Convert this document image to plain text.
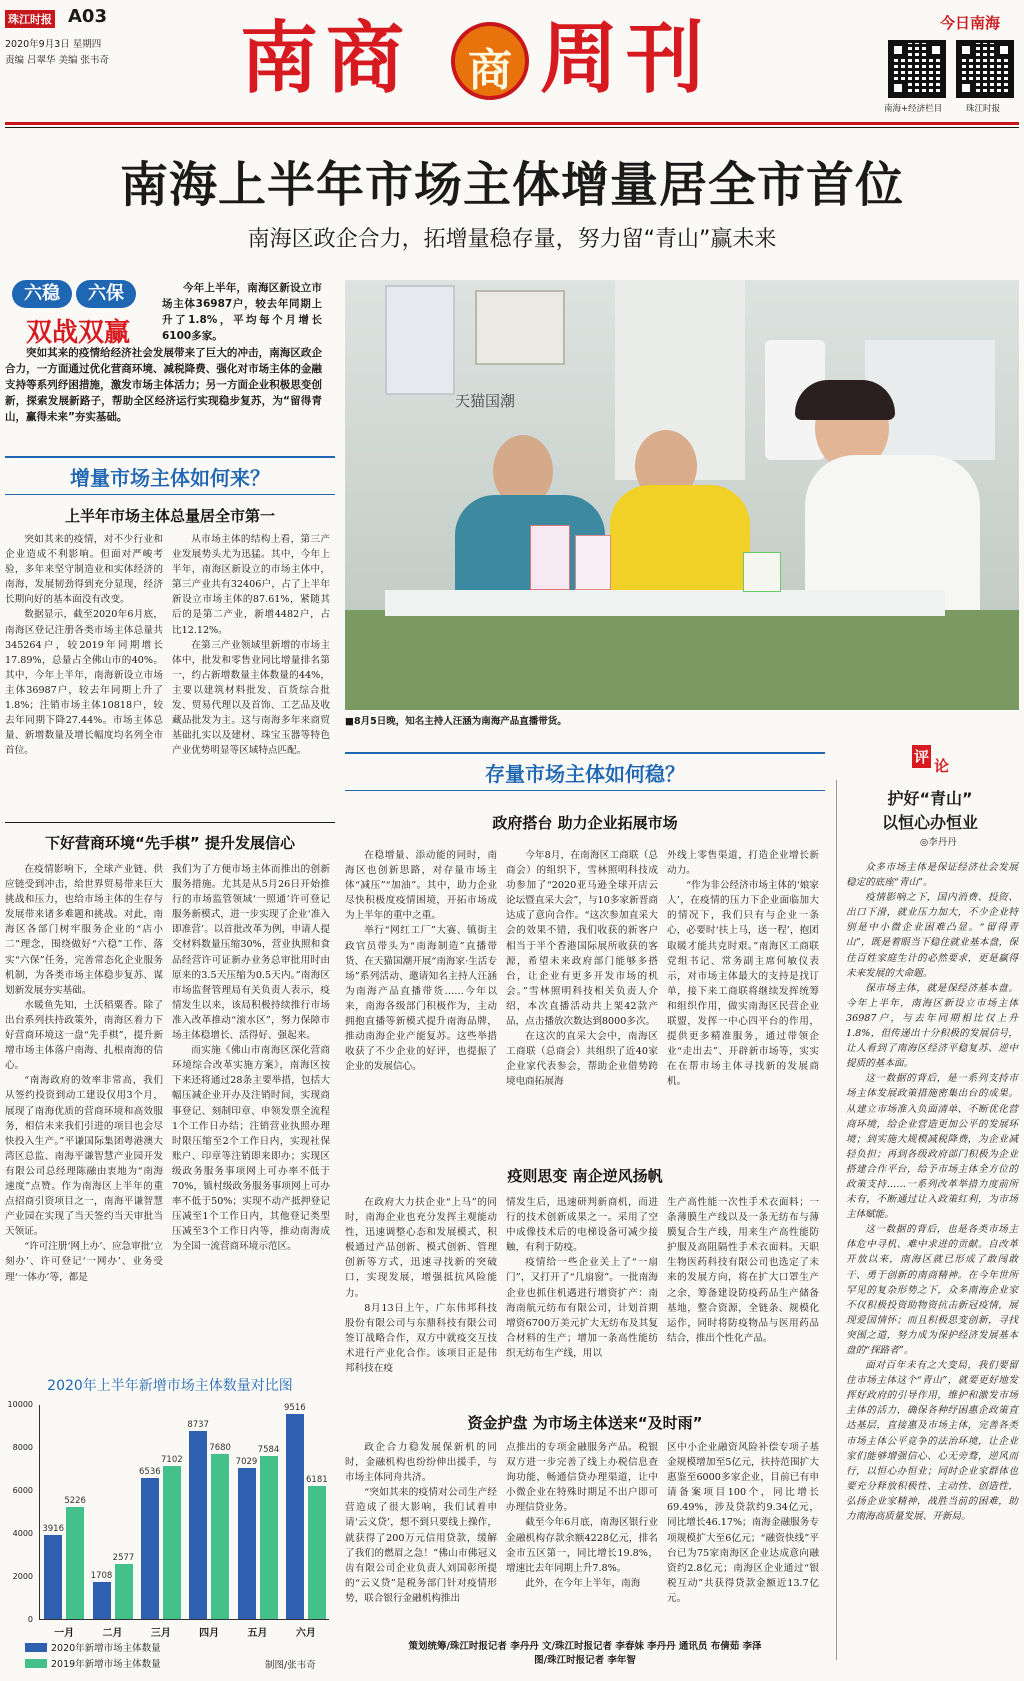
珠江时报 A03
2020年9月3日 星期四
责编 吕翠华 美编 张韦奇 南商 商 周刊	今日南海
南海+经济栏目	珠江时报
南海上半年市场主体增量居全市首位
南海区政企合力，拓增量稳存量，努力留“青山”赢未来
六稳	六保
双战双赢
今年上半年，南海区新设立市场主体36987户，较去年同期上升了1.8%，平均每个月增长6100多家。
突如其来的疫情给经济社会发展带来了巨大的冲击，南海区政企合力，一方面通过优化营商环境、减税降费、强化对市场主体的金融支持等系列纾困措施，激发市场主体活力；另一方面企业积极思变创新，探索发展新路子，帮助全区经济运行实现稳步复苏，为“留得青山，赢得未来”夯实基础。
天猫国潮
■8月5日晚，知名主持人汪涵为南海产品直播带货。
增量市场主体如何来？
上半年市场主体总量居全市第一

突如其来的疫情，对不少行业和企业造成不利影响。但面对严峻考验，多年来坚守制造业和实体经济的南海，发展韧劲得到充分显现，经济长期向好的基本面没有改变。

数据显示，截至2020年6月底，南海区登记注册各类市场主体总量共345264户，较2019年同期增长17.89%，总量占全佛山市的40%。其中，今年上半年，南海新设立市场主体36987户，较去年同期上升了1.8%；注销市场主体10818户，较去年同期下降27.44%。市场主体总量、新增数量及增长幅度均名列全市首位。

从市场主体的结构上看，第三产业发展势头尤为迅猛。其中，今年上半年，南海区新设立的市场主体中，第三产业共有32406户，占了上半年新设立市场主体的87.61%，紧随其后的是第二产业，新增4482户，占比12.12%。

在第三产业领域里新增的市场主体中，批发和零售业同比增量排名第一，约占新增数量主体数量的44%，主要以建筑材料批发、百货综合批发、贸易代理以及首饰、工艺品及收藏品批发为主。这与南海多年来商贸基础扎实以及建材、珠宝玉器等特色产业优势明显等区域特点匹配。

下好营商环境“先手棋” 提升发展信心

在疫情影响下，全球产业链、供应链受到冲击，给世界贸易带来巨大挑战和压力，也给市场主体的生存与发展带来诸多难题和挑战。对此，南海区各部门树牢服务企业的“店小二”理念，围绕做好“六稳”工作、落实“六保”任务，完善常态化企业服务机制，为各类市场主体稳步复苏、谋划新发展夯实基础。

水暖鱼先知，土沃稻粟香。除了出台系列扶持政策外，南海区着力下好营商环境这一盘“先手棋”，提升新增市场主体落户南海、扎根南海的信心。

“南海政府的效率非常高，我们从签约投资到动工建设仅用3个月，展现了南海优质的营商环境和高效服务，相信未来我们引进的项目也会尽快投入生产。”平谦国际集团粤港澳大湾区总监、南海平谦智慧产业园开发有限公司总经理陈融由衷地为“南海速度”点赞。作为南海区上半年的重点招商引资项目之一，南海平谦智慧产业园在实现了当天签约当天审批当天领证。

“许可注册‘网上办’、应急审批‘立刻办’、许可登记‘一网办’、业务受理‘一体办’等，都是

我们为了方便市场主体而推出的创新服务措施。尤其是从5月26日开始推行的市场监管领域‘一照通’许可登记服务新模式，进一步实现了企业‘准入即准营’。以首批改革为例，申请人提交材料数量压缩30%，营业执照和食品经营许可证新办业务总审批用时由原来的3.5天压缩为0.5天内。”南海区市场监督管理局有关负责人表示，疫情发生以来，该局积极持续推行市场准入改革推动“滚水区”，努力保障市场主体稳增长、活得好、强起来。

而实施《佛山市南海区深化营商环境综合改革实施方案》，南海区按下来还将通过28条主要举措，包括大幅压减企业开办及注销时间，实现商事登记、刻制印章、申领发票全流程1个工作日办结；注销营业执照办理时限压缩至2个工作日内，实现社保账户、印章等注销即来即办；实现区级政务服务事项网上可办率不低于70%，镇村级政务服务事项网上可办率不低于50%；实现不动产抵押登记压减至1个工作日内，其他登记类型压减至3个工作日内等，推动南海成为全国一流营商环境示范区。

2020年上半年新增市场主体数量对比图
10000
8000
6000
4000
2000
0
3916
5226
一月
1708
2577
二月
6536
7102
三月
8737
7680
四月
7029
7584
五月
9516
6181
六月
2020年新增市场主体数量
2019年新增市场主体数量	制图/张韦奇
存量市场主体如何稳？
政府搭台 助力企业拓展市场

在稳增量、添动能的同时，南海区也创新思路，对存量市场主体“减压”“加油”。其中，助力企业尽快积极度疫情困境，开拓市场成为上半年的重中之重。

举行“网红工厂”大赛、镇街主政官员带头为“南海制造”直播带货、在天猫国潮开展“南海家·生活专场”系列活动、邀请知名主持人汪涵为南海产品直播带货……今年以来，南海各级部门积极作为，主动拥抱直播等新模式提升南海品牌，推动南海企业产能复苏。这些举措收获了不少企业的好评，也提振了企业的发展信心。

今年8月，在南海区工商联（总商会）的组织下，雪林照明科技成功参加了“2020亚马逊全球开店云论坛暨直采大会”，与10多家新晋商达成了意向合作。“这次参加直采大会的效果不错，我们收获的新客户相当于半个香港国际展所收获的客源，希望未来政府部门能够多搭台，让企业有更多开发市场的机会。”雪林照明科技相关负责人介绍，本次直播活动共上架42款产品，点击播放次数达到8000多次。

在这次的直采大会中，南海区工商联（总商会）共组织了近40家企业家代表参会，帮助企业借势跨境电商拓展海

外线上零售渠道，打造企业增长新动力。

“作为非公经济市场主体的‘娘家人’，在疫情的压力下企业面临加大的情况下，我们只有与企业一条心，必要时‘扶上马，送一程’，抱团取暖才能共克时艰。”南海区工商联党组书记、常务副主席何敏仪表示，对市场主体最大的支持是找订单，接下来工商联将继续发挥统筹和组织作用，做实南海区民营企业联盟，发挥一中心四平台的作用，提供更多精准服务，通过带领企业“走出去”、开辟新市场等，实实在在帮市场主体寻找新的发展商机。

疫则思变 南企逆风扬帆

在政府大力扶企业“上马”的同时，南海企业也充分发挥主观能动性，迅速调整心态和发展模式，积极通过产品创新、模式创新、管理创新等方式，迅速寻找新的突破口，实现发展，增强抵抗风险能力。

8月13日上午，广东伟邦科技股份有限公司与东鼎科技有限公司签订战略合作，双方中就疫交互技术进行产业化合作。该项目正是伟邦科技在疫

情发生后，迅速研判新商机，而进行的技术创新成果之一。采用了空中成像技术后的电梯设备可减少接触，有利于防疫。

疫情给一些企业关上了“一扇门”，又打开了“几扇窗”。一批南海企业也抓住机遇进行增资扩产：南海南航元纺布有限公司，计划首期增资6700万美元扩大无纺布及其复合材料的生产；增加一条高性能纺织无纺布生产线，用以

生产高性能一次性手术衣面料；一条薄膜生产线以及一条无纺布与薄膜复合生产线，用来生产高性能防护服及高阻隔性手术衣面料。天职生物医药科技有限公司也选定了未来的发展方向，将在扩大口罩生产之余，筹备建设防疫药品生产储备基地，整合资源，全链条、规模化运作，同时将防疫物品与医用药品结合，推出个性化产品。

资金护盘 为市场主体送来“及时雨”

政企合力稳发展保新机的同时，金融机构也纷纷伸出援手，与市场主体同舟共济。

“突如其来的疫情对公司生产经营造成了很大影响，我们试着申请‘云义贷’，想不到只要线上操作，就获得了200万元信用贷款，缓解了我们的燃眉之急！”佛山市佛冠义齿有限公司企业负责人刘国彰所提的“云义贷”是税务部门针对疫情形势，联合银行金融机构推出

点推出的专项金融服务产品。税银双方进一步完善了线上办税信息查询功能，畅通信贷办理渠道，让中小微企业在特殊时期足不出户即可办理信贷业务。

截至今年6月底，南海区银行业金融机构存款余额4228亿元，排名金市五区第一，同比增长19.8%，增速比去年同期上升7.8%。

此外，在今年上半年，南海

区中小企业融资风险补偿专项子基金规模增加至5亿元，扶持范围扩大惠鉴至6000多家企业，目前已有申请备案项目100个，同比增长69.49%，涉及贷款约9.34亿元，同比增长46.17%；南海金融服务专项规模扩大至6亿元；“融资快线”平台已为75家南海区企业达成意向融资约2.8亿元；南海区企业通过“银税互动”共获得贷款金额近13.7亿元。

策划统筹/珠江时报记者 李丹丹 文/珠江时报记者 李春妹 李丹丹 通讯员 布倩茹 李泽
图/珠江时报记者 李年智
评 论
护好“青山”
以恒心办恒业
◎李丹丹

众多市场主体是保证经济社会发展稳定的底座“青山”。

疫情影响之下，国内消费、投资、出口下滑，就业压力加大，不少企业特别是中小微企业困难凸显。“留得青山”，既是着眼当下稳住就业基本盘，保住百姓家庭生计的必然要求，更是赢得未来发展的大命题。

保市场主体，就是保经济基本盘。今年上半年，南海区新设立市场主体36987户，与去年同期相比仅上升1.8%，但传递出十分积极的发展信号，让人看到了南海区经济平稳复苏、逆中提质的基本面。

这一数据的背后，是一系列支持市场主体发展政策措施密集出台的成果。从建立市场准入负面清单、不断优化营商环境，给企业营造更加公平的发展环境；到实施大规模减税降费，为企业减轻负担；再到各级政府部门积极为企业搭建合作平台，给予市场主体全方位的政策支持……一系列改革举措力度前所未有，不断通过让入政策红利，为市场主体赋能。

这一数据的背后，也是各类市场主体危中寻机、难中求进的贡献。自改革开放以来，南海区就已形成了敢闯敢干、勇于创新的南商精神。在今年世所罕见的复杂形势之下，众多南海企业家不仅积极投资助物资抗击新冠疫情，展现爱国情怀；而且积极思变创新，寻找突围之道，努力成为保护经济发展基本盘的“探路者”。

面对百年未有之大变局，我们要留住市场主体这个“青山”，就要更好地发挥好政府的引导作用，维护和激发市场主体的活力，确保各种纾困惠企政策直达基层，直接惠及市场主体，完善各类市场主体公平竞争的法治环境，让企业家们能够增强信心、心无旁骛，逆风而行，以恒心办恒业；同时企业家群体也要充分释放积极性、主动性、创造性，弘扬企业家精神，战胜当前的困难，助力南海高质量发展、开新局。
